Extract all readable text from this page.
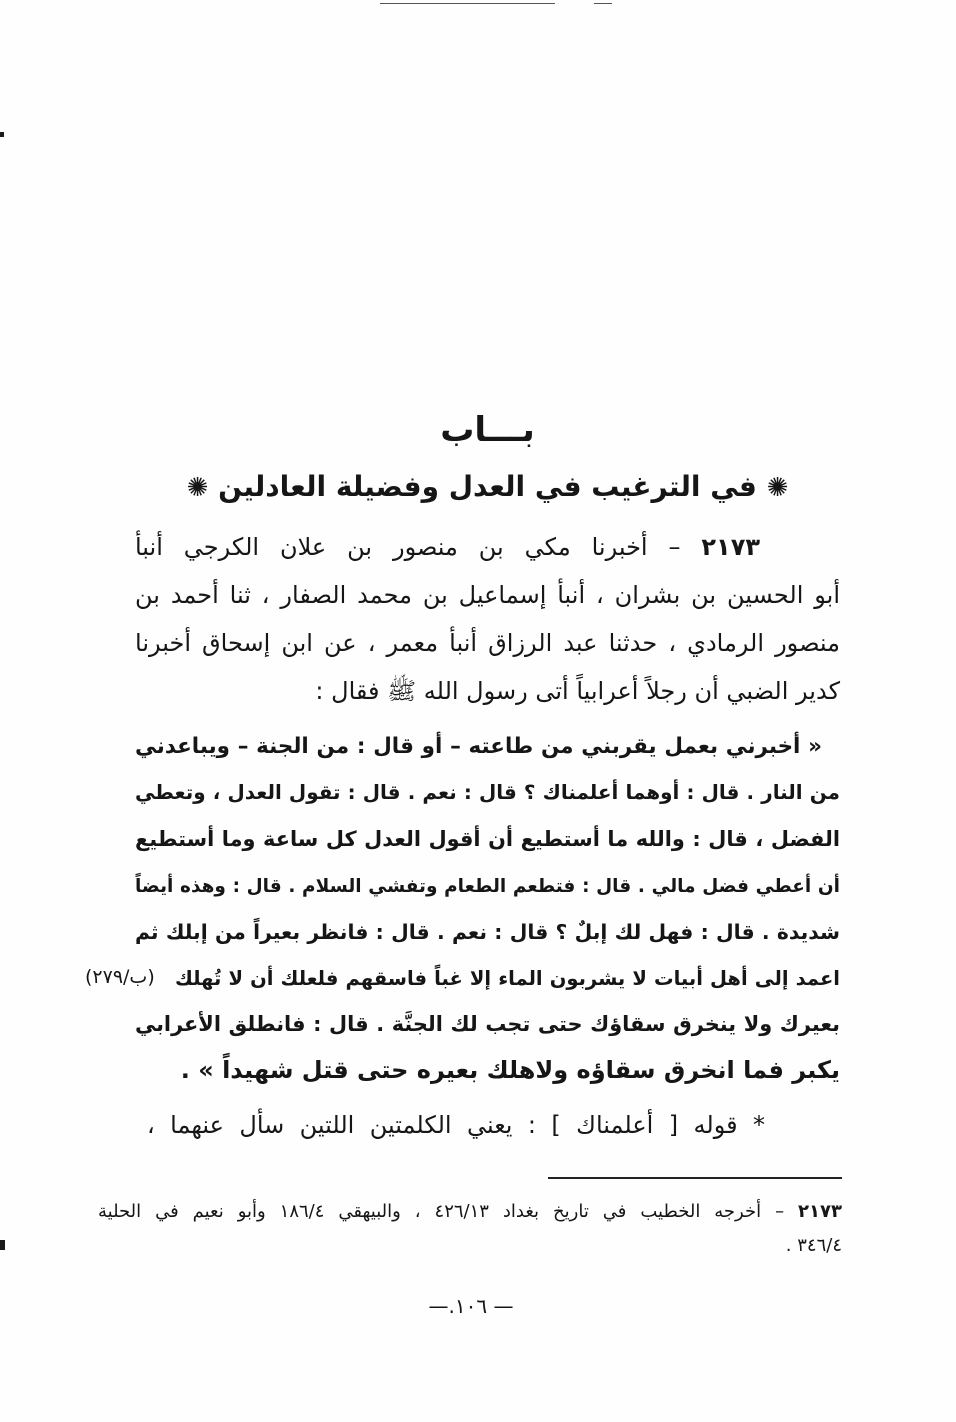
بـــاب
✺ في الترغيب في العدل وفضيلة العادلين ✺
٢١٧٣ – أخبرنا مكي بن منصور بن علان الكرجي أنبأ
أبو الحسين بن بشران ، أنبأ إسماعيل بن محمد الصفار ، ثنا أحمد بن
منصور الرمادي ، حدثنا عبد الرزاق أنبأ معمر ، عن ابن إسحاق أخبرنا
كدير الضبي أن رجلاً أعرابياً أتى رسول الله ﷺ فقال :
« أخبرني بعمل يقربني من طاعته – أو قال : من الجنة – ويباعدني
من النار . قال : أوهما أعلمناك ؟ قال : نعم . قال : تقول العدل ، وتعطي
الفضل ، قال : والله ما أستطيع أن أقول العدل كل ساعة وما أستطيع
أن أعطي فضل مالي . قال : فتطعم الطعام وتفشي السلام . قال : وهذه أيضاً
شديدة . قال : فهل لك إبلٌ ؟ قال : نعم . قال : فانظر بعيراً من إبلك ثم
اعمد إلى أهل أبيات لا يشربون الماء إلا غباً فاسقهم فلعلك أن لا تُهلك
(٢٧٩/ب)
بعيرك ولا ينخرق سقاؤك حتى تجب لك الجنَّة . قال : فانطلق الأعرابي
يكبر فما انخرق سقاؤه ولاهلك بعيره حتى قتل شهيداً » .
* قوله [ أعلمناك ] : يعني الكلمتين اللتين سأل عنهما ،
٢١٧٣ – أخرجه الخطيب في تاريخ بغداد ٤٢٦/١٣ ، والبيهقي ١٨٦/٤ وأبو نعيم في الحلية
٣٤٦/٤ .
—.١٠٦ —
